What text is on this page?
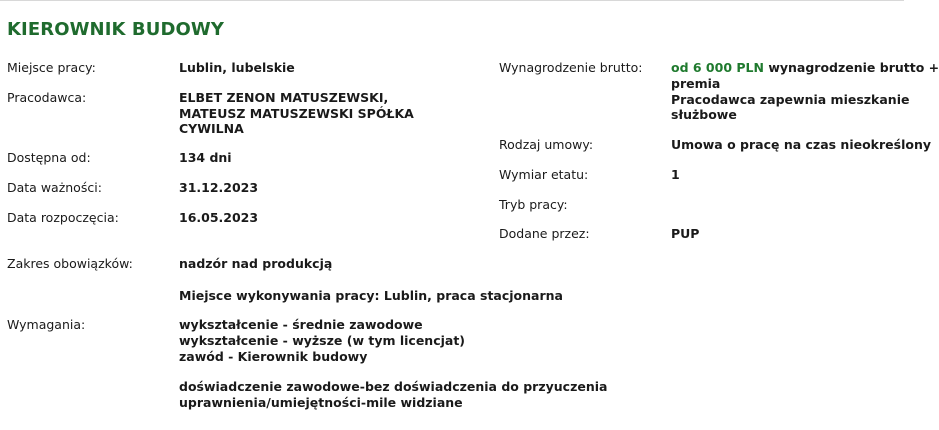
KIEROWNIK BUDOWY
Miejsce pracy:	Lublin, lubelskie
Pracodawca:	ELBET ZENON MATUSZEWSKI,
MATEUSZ MATUSZEWSKI SPÓŁKA
CYWILNA
Dostępna od:	134 dni
Data ważności:	31.12.2023
Data rozpoczęcia:	16.05.2023
Zakres obowiązków:	nadzór nad produkcją
Miejsce wykonywania pracy: Lublin, praca stacjonarna
Wymagania:	wykształcenie - średnie zawodowe
wykształcenie - wyższe (w tym licencjat)
zawód - Kierownik budowy
doświadczenie zawodowe-bez doświadczenia do przyuczenia
uprawnienia/umiejętności-mile widziane
Wynagrodzenie brutto: od 6 000 PLN wynagrodzenie brutto +
premia
Pracodawca zapewnia mieszkanie
służbowe
Rodzaj umowy:	Umowa o pracę na czas nieokreślony
Wymiar etatu:	1
Tryb pracy:
Dodane przez:	PUP
